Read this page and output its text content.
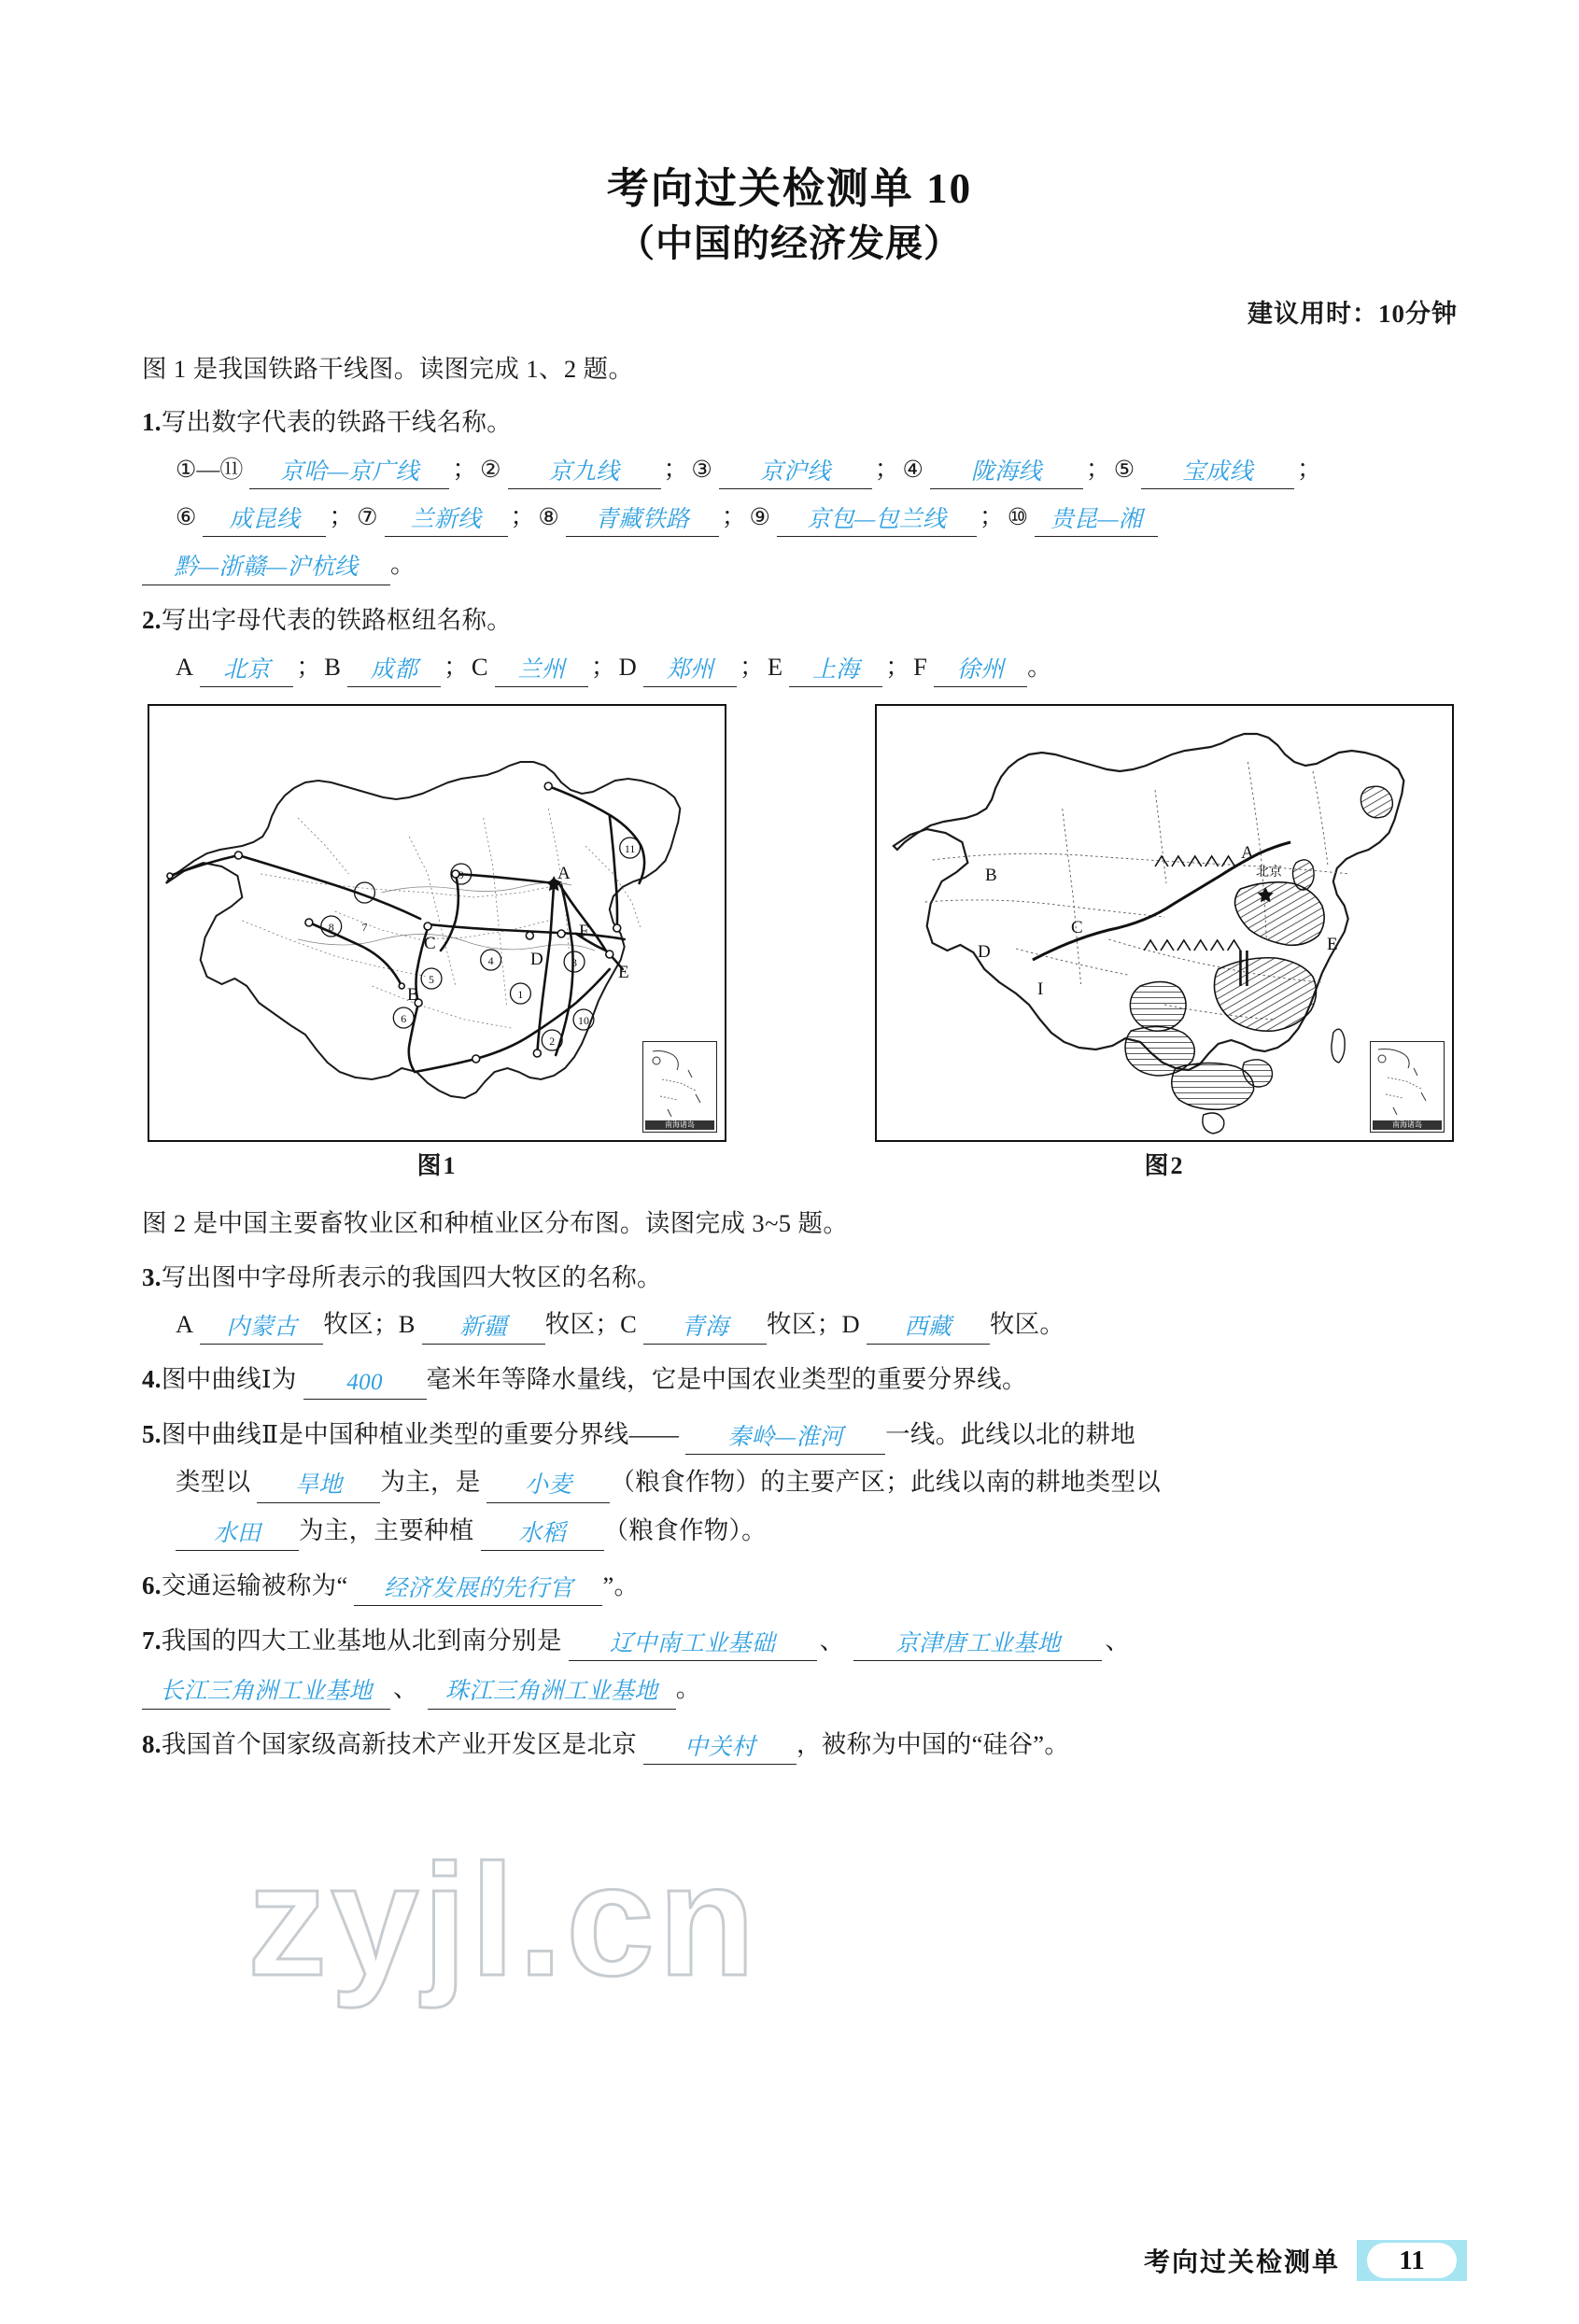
考向过关检测单 10
（中国的经济发展）
建议用时：10分钟
图 1 是我国铁路干线图。读图完成 1、2 题。
1.写出数字代表的铁路干线名称。
①—⑪ 京哈—京广线 ； ② 京九线 ； ③ 京沪线 ； ④ 陇海线 ； ⑤ 宝成线 ；
⑥ 成昆线 ； ⑦ 兰新线 ； ⑧ 青藏铁路 ； ⑨ 京包—包兰线 ； ⑩ 贵昆—湘
黔—浙赣—沪杭线 。
2.写出字母代表的铁路枢纽名称。
A 北京 ； B 成都 ； C 兰州 ； D 郑州 ； E 上海 ； F 徐州 。
11
9
7
8
4	3
5
6
1
10
2
A
F
C
D
E
B
南海诸岛
图1
A
B
C
D	E
I
北京
南海诸岛
图2
图 2 是中国主要畜牧业区和种植业区分布图。读图完成 3~5 题。
3.写出图中字母所表示的我国四大牧区的名称。
A 内蒙古 牧区；B 新疆 牧区；C 青海 牧区；D 西藏 牧区。
4.图中曲线Ⅰ为 400 毫米年等降水量线，它是中国农业类型的重要分界线。
5.图中曲线Ⅱ是中国种植业类型的重要分界线—— 秦岭—淮河 一线。此线以北的耕地
类型以 旱地 为主，是 小麦 （粮食作物）的主要产区；此线以南的耕地类型以
水田 为主，主要种植 水稻 （粮食作物）。
6.交通运输被称为“ 经济发展的先行官 ”。
7.我国的四大工业基地从北到南分别是 辽中南工业基础 、 京津唐工业基地 、
长江三角洲工业基地 、 珠江三角洲工业基地 。
8.我国首个国家级高新技术产业开发区是北京 中关村 ，被称为中国的“硅谷”。
zyjl.cn
考向过关检测单	11
